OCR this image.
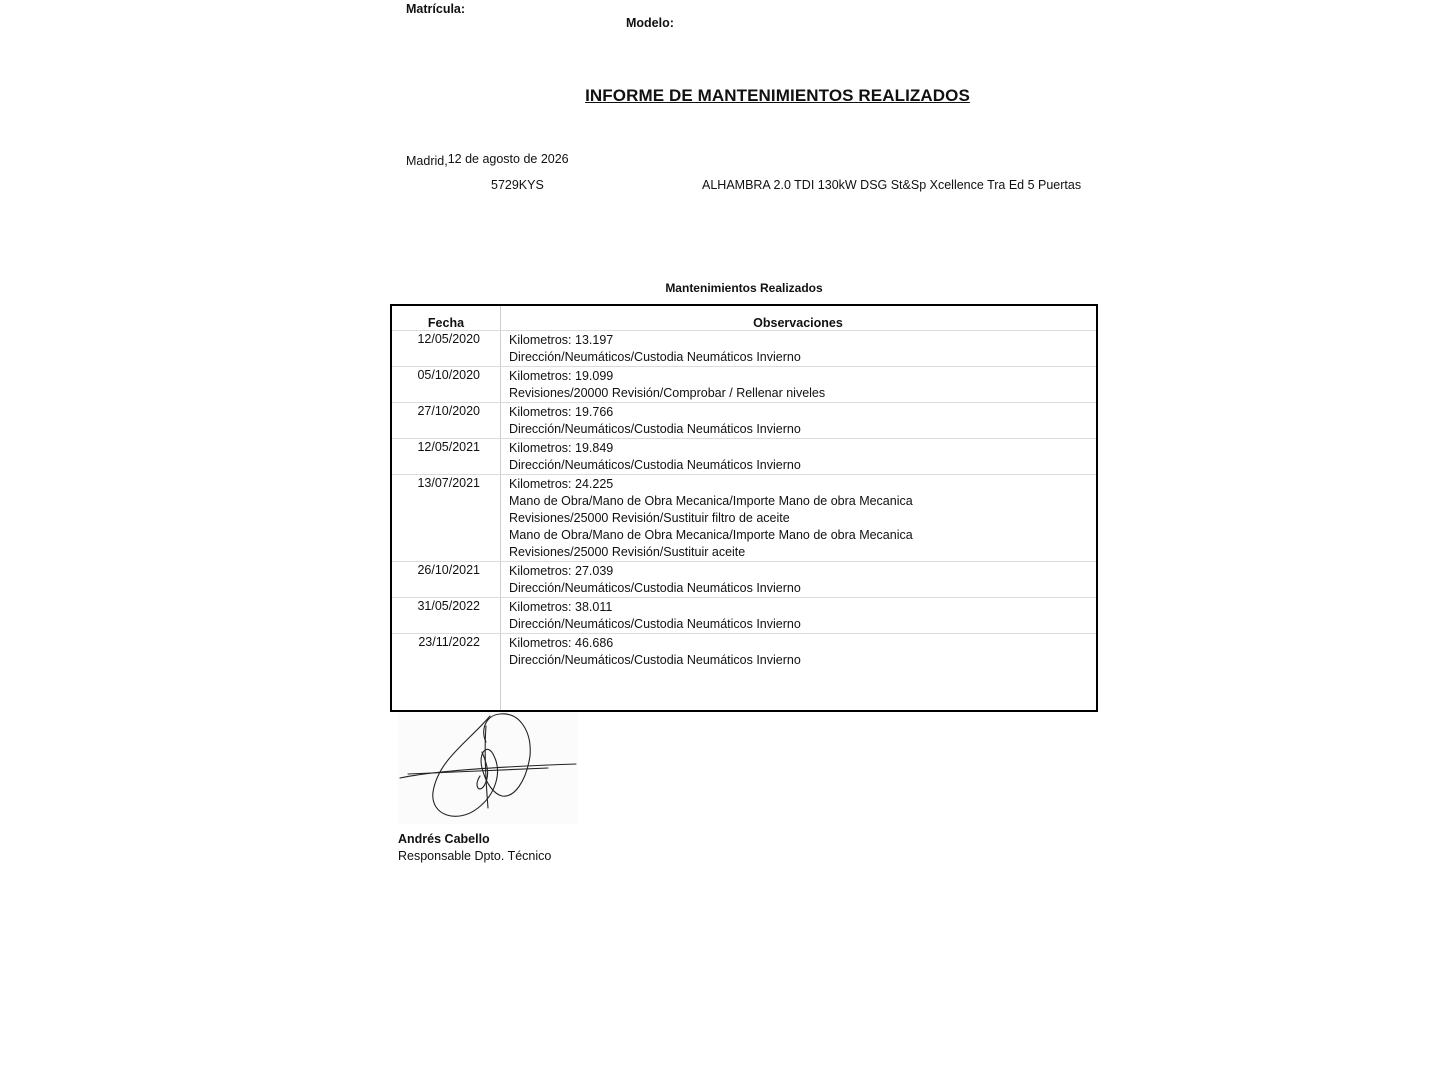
INFORME DE MANTENIMIENTOS REALIZADOS
Madrid,12 de agosto de 2026
Matrícula:
5729KYS
Modelo:
ALHAMBRA 2.0 TDI 130kW DSG St&Sp Xcellence Tra Ed 5 Puertas
Mantenimientos Realizados
Fecha	Observaciones
12/05/2020 Kilometros: 13.197
Dirección/Neumáticos/Custodia Neumáticos Invierno
05/10/2020 Kilometros: 19.099
Revisiones/20000 Revisión/Comprobar / Rellenar niveles
27/10/2020 Kilometros: 19.766
Dirección/Neumáticos/Custodia Neumáticos Invierno
12/05/2021 Kilometros: 19.849
Dirección/Neumáticos/Custodia Neumáticos Invierno
13/07/2021 Kilometros: 24.225
Mano de Obra/Mano de Obra Mecanica/Importe Mano de obra Mecanica
Revisiones/25000 Revisión/Sustituir filtro de aceite
Mano de Obra/Mano de Obra Mecanica/Importe Mano de obra Mecanica
Revisiones/25000 Revisión/Sustituir aceite
26/10/2021 Kilometros: 27.039
Dirección/Neumáticos/Custodia Neumáticos Invierno
31/05/2022 Kilometros: 38.011
Dirección/Neumáticos/Custodia Neumáticos Invierno
23/11/2022 Kilometros: 46.686
Dirección/Neumáticos/Custodia Neumáticos Invierno
Andrés Cabello
Responsable Dpto. Técnico
